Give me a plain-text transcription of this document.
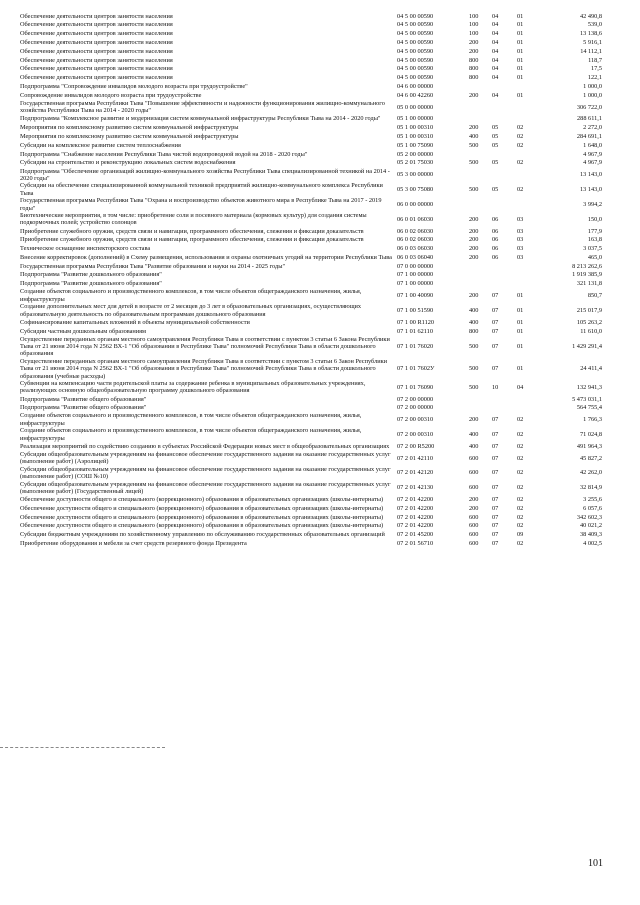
Обеспечение деятельности центров занятости населения	04 5 00 00590	100	04	01	42 490,8
Обеспечение деятельности центров занятости населения	04 5 00 00590	100	04	01	539,0
Обеспечение деятельности центров занятости населения	04 5 00 00590	100	04	01	13 138,6
Обеспечение деятельности центров занятости населения	04 5 00 00590	200	04	01	5 916,1
Обеспечение деятельности центров занятости населения	04 5 00 00590	200	04	01	14 112,1
Обеспечение деятельности центров занятости населения	04 5 00 00590	800	04	01	118,7
Обеспечение деятельности центров занятости населения	04 5 00 00590	800	04	01	17,5
Обеспечение деятельности центров занятости населения	04 5 00 00590	800	04	01	122,1
Подпрограмма "Сопровождение инвалидов молодого возраста при трудоустройстве"	04 6 00 00000				1 000,0
Сопровождение инвалидов молодого возраста при трудоустройстве	04 6 00 42260	200	04	01	1 000,0
Государственная программа Республики Тыва "Повышение эффективности и надежности функционирования жилищно-коммунального хозяйства Республики Тыва на 2014 - 2020 годы"	05 0 00 00000				306 722,0
Подпрограмма "Комплексное развитие и модернизация систем коммунальной инфраструктуры Республики Тыва на 2014 - 2020 годы"	05 1 00 00000				288 611,1
Мероприятия по комплексному развитию систем коммунальной инфраструктуры	05 1 00 00310	200	05	02	2 272,0
Мероприятия по комплексному развитию систем коммунальной инфраструктуры	05 1 00 00310	400	05	02	284 691,1
Субсидии на комплексное развитие систем теплоснабжения	05 1 00 75090	500	05	02	1 648,0
Подпрограмма "Снабжение населения Республики Тыва чистой водопроводной водой на 2018 - 2020 годы"	05 2 00 00000				4 967,9
Субсидии на строительство и реконструкцию локальных систем водоснабжения	05 2 01 75030	500	05	02	4 967,9
Подпрограмма "Обеспечение организаций жилищно-коммунального хозяйства Республики Тыва специализированной техникой на 2014 - 2020 годы"	05 3 00 00000				13 143,0
Субсидии на обеспечение специализированной коммунальной техникой предприятий жилищно-коммунального комплекса Республики Тыва	05 3 00 75080	500	05	02	13 143,0
Государственная программа Республики Тыва "Охрана и воспроизводство объектов животного мира в Республике Тыва на 2017 - 2019 годы"	06 0 00 00000				3 994,2
Биотехнические мероприятия, в том числе: приобретение соли и посевного материала (кормовых культур) для создания системы подкормочных полей; устройство солонцов	06 0 01 06030	200	06	03	150,0
Приобретение служебного оружия, средств связи и навигации, программного обеспечения, слежения и фиксации доказательств	06 0 02 06030	200	06	03	177,9
Приобретение служебного оружия, средств связи и навигации, программного обеспечения, слежения и фиксации доказательств	06 0 02 06030	200	06	03	163,8
Техническое оснащение инспекторского состава	06 0 03 06030	200	06	03	3 037,5
Внесение корректировок (дополнений) в Схему размещения, использования и охраны охотничьих угодий на территории Республики Тыва	06 0 03 06040	200	06	03	465,0
Государственная программа Республики Тыва "Развитие образования и науки на 2014 - 2025 годы"	07 0 00 00000				8 213 262,6
Подпрограмма "Развитие дошкольного образования"	07 1 00 00000				1 919 385,9
Подпрограмма "Развитие дошкольного образования"	07 1 00 00000				321 131,8
Создание объектов социального и производственного комплексов, в том числе объектов общегражданского назначения, жилья, инфраструктуры	07 1 00 40090	200	07	01	850,7
Создание дополнительных мест для детей в возрасте от 2 месяцев до 3 лет в образовательных организациях, осуществляющих образовательную деятельность по образовательным программам дошкольного образования	07 1 00 51590	400	07	01	215 017,9
Софинансирование капитальных вложений в объекты муниципальной собственности	07 1 00 R1120	400	07	01	105 263,2
Субсидии частным дошкольным образованиям	07 1 01 62110	800	07	01	11 610,0
Осуществление переданных органам местного самоуправления Республики Тыва в соответствии с пунктом 3 статьи 6 Закона Республики Тыва от 21 июня 2014 года N 2562 ВХ-1 "Об образовании в Республике Тыва" полномочий Республики Тыва в области дошкольного образования	07 1 01 76020	500	07	01	1 429 291,4
Осуществление переданных органам местного самоуправления Республики Тыва в соответствии с пунктом 3 статьи 6 Закон Республики Тыва от 21 июня 2014 года N 2562 ВХ-1 "Об образовании в Республике Тыва" полномочий Республики Тыва в области дошкольного образования (учебные расходы)	07 1 01 7602У	500	07	01	24 411,4
Субвенции на компенсацию части родительской платы за содержание ребенка в муниципальных образовательных учреждениях, реализующих основную общеобразовательную программу дошкольного образования	07 1 01 76090	500	10	04	132 941,3
Подпрограмма "Развитие общего образования"	07 2 00 00000				5 473 031,1
Подпрограмма "Развитие общего образования"	07 2 00 00000				564 755,4
Создание объектов социального и производственного комплексов, в том числе объектов общегражданского назначения, жилья, инфраструктуры	07 2 00 00310	200	07	02	1 766,3
Создание объектов социального и производственного комплексов, в том числе объектов общегражданского назначения, жилья, инфраструктуры	07 2 00 00310	400	07	02	71 024,8
Реализация мероприятий по содействию созданию в субъектах Российской Федерации новых мест в общеобразовательных организациях	07 2 00 R5200	400	07	02	491 964,3
Субсидии общеобразовательным учреждениям на финансовое обеспечение государственного задания на оказание государственных услуг (выполнение работ) (Аэролицей)	07 2 01 42110	600	07	02	45 827,2
Субсидии общеобразовательным учреждениям на финансовое обеспечение государственного задания на оказание государственных услуг (выполнение работ) (СОШ №10)	07 2 01 42120	600	07	02	42 262,0
Субсидии общеобразовательным учреждениям на финансовое обеспечение государственного задания на оказание государственных услуг (выполнение работ) (Государственный лицей)	07 2 01 42130	600	07	02	32 814,9
Обеспечение доступности общего и специального (коррекционного) образования в образовательных организациях (школы-интернаты)	07 2 01 42200	200	07	02	3 255,6
Обеспечение доступности общего и специального (коррекционного) образования в образовательных организациях (школы-интернаты)	07 2 01 42200	200	07	02	6 057,6
Обеспечение доступности общего и специального (коррекционного) образования в образовательных организациях (школы-интернаты)	07 2 01 42200	600	07	02	342 602,3
Обеспечение доступности общего и специального (коррекционного) образования в образовательных организациях (школы-интернаты)	07 2 01 42200	600	07	02	40 021,2
Субсидии бюджетным учреждениям по хозяйственному управлению по обслуживанию государственных образовательных организаций	07 2 01 45200	600	07	09	38 409,3
Приобретение оборудования и мебели за счет средств резервного фонда Президента	07 2 01 56710	600	07	02	4 002,5
101
